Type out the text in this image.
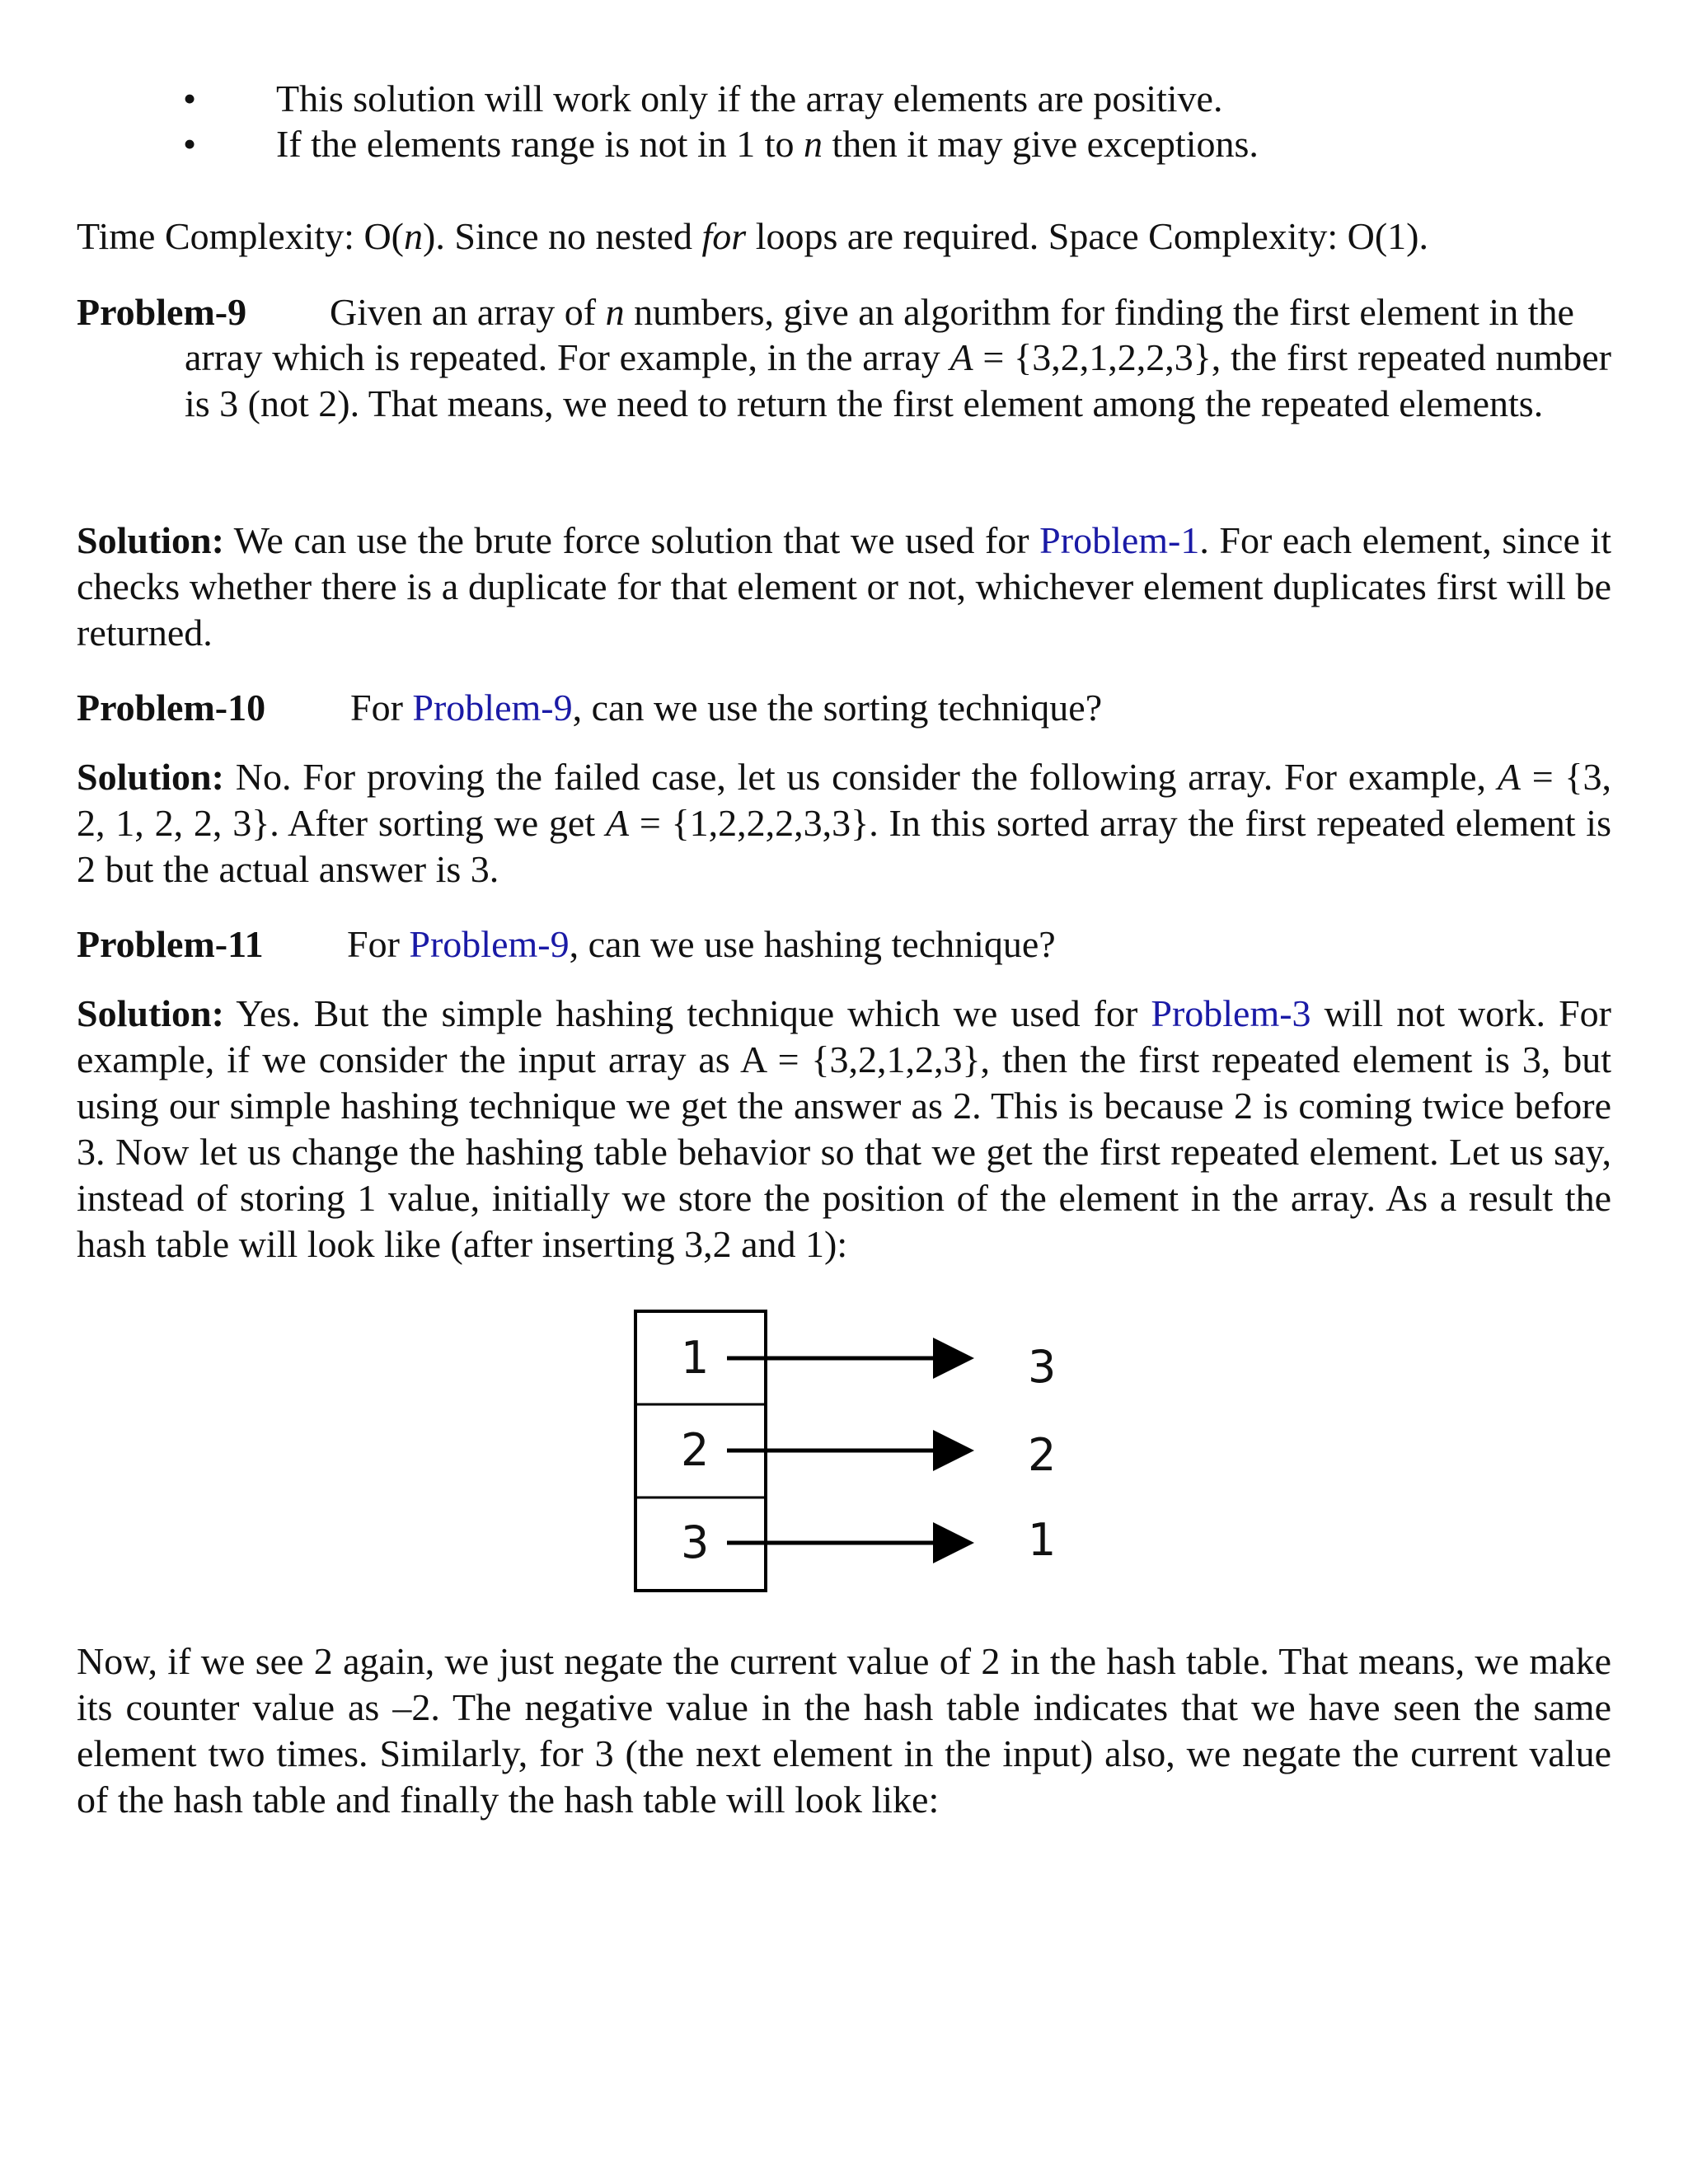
• This solution will work only if the array elements are positive.
• If the elements range is not in 1 to n then it may give exceptions.

Time Complexity: O(n). Since no nested for loops are required. Space Complexity: O(1).

Problem-9 Given an array of n numbers, give an algorithm for finding the first element in the

array which is repeated. For example, in the array A = {3,2,1,2,2,3}, the first repeated number is 3 (not 2). That means, we need to return the first element among the repeated elements.

Solution: We can use the brute force solution that we used for Problem-1. For each element, since it checks whether there is a duplicate for that element or not, whichever element duplicates first will be returned.

Problem-10 For Problem-9, can we use the sorting technique?

Solution: No. For proving the failed case, let us consider the following array. For example, A = {3, 2, 1, 2, 2, 3}. After sorting we get A = {1,2,2,2,3,3}. In this sorted array the first repeated element is 2 but the actual answer is 3.

Problem-11 For Problem-9, can we use hashing technique?

Solution: Yes. But the simple hashing technique which we used for Problem-3 will not work. For example, if we consider the input array as A = {3,2,1,2,3}, then the first repeated element is 3, but using our simple hashing technique we get the answer as 2. This is because 2 is coming twice before 3. Now let us change the hashing table behavior so that we get the first repeated element. Let us say, instead of storing 1 value, initially we store the position of the element in the array. As a result the hash table will look like (after inserting 3,2 and 1):

1
2
3
3
2
1

Now, if we see 2 again, we just negate the current value of 2 in the hash table. That means, we make its counter value as –2. The negative value in the hash table indicates that we have seen the same element two times. Similarly, for 3 (the next element in the input) also, we negate the current value of the hash table and finally the hash table will look like:
